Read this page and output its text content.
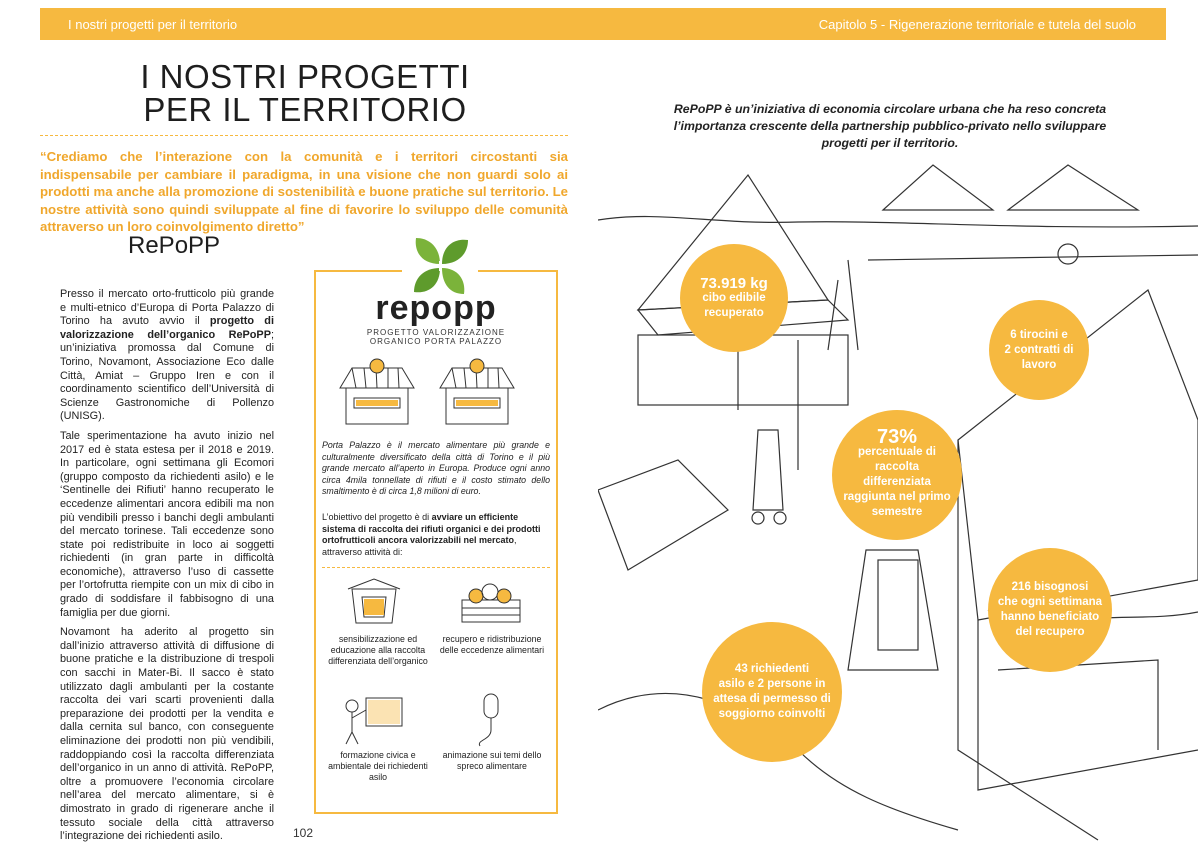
I nostri progetti per il territorio	Capitolo 5 - Rigenerazione territoriale e tutela del suolo
I NOSTRI PROGETTI
PER IL TERRITORIO
“Crediamo che l’interazione con la comunità e i territori circostanti sia indispensabile per cambiare il paradigma, in una visione che non guardi solo ai prodotti ma anche alla promozione di sostenibilità e buone pratiche sul territorio. Le nostre attività sono quindi sviluppate al fine di favorire lo sviluppo delle comunità attraverso un loro coinvolgimento diretto”
RePoPP

Presso il mercato orto-frutticolo più grande e multi-etnico d’Europa di Porta Palazzo di Torino ha avuto avvio il progetto di valorizzazione dell’organico RePoPP; un’iniziativa promossa dal Comune di Torino, Novamont, Associazione Eco dalle Città, Amiat – Gruppo Iren e con il coordinamento scientifico dell’Università di Scienze Gastronomiche di Pollenzo (UNISG).

Tale sperimentazione ha avuto inizio nel 2017 ed è stata estesa per il 2018 e 2019. In particolare, ogni settimana gli Ecomori (gruppo composto da richiedenti asilo) e le ‘Sentinelle dei Rifiuti’ hanno recuperato le eccedenze alimentari ancora edibili ma non più vendibili presso i banchi degli ambulanti del mercato torinese. Tali eccedenze sono state poi redistribuite in loco ai soggetti richiedenti (in gran parte in difficoltà economiche), attraverso l’uso di cassette per l’ortofrutta riempite con un mix di cibo in grado di soddisfare il fabbisogno di una famiglia per due giorni.

Novamont ha aderito al progetto sin dall’inizio attraverso attività di diffusione di buone pratiche e la distribuzione di trespoli con sacchi in Mater-Bi. Il sacco è stato utilizzato dagli ambulanti per la costante raccolta dei vari scarti provenienti dalla preparazione dei prodotti per la vendita e dalla cernita sul banco, con conseguente eliminazione dei prodotti non più vendibili, raddoppiando così la raccolta differenziata dell’organico in un anno di attività. RePoPP, oltre a promuovere l’economia circolare nell’area del mercato alimentare, si è dimostrato in grado di rigenerare anche il tessuto sociale della città attraverso l’integrazione dei richiedenti asilo.	102
repopp
PROGETTO VALORIZZAZIONE
ORGANICO PORTA PALAZZO
Porta Palazzo è il mercato alimentare più grande e culturalmente diversificato della città di Torino e il più grande mercato all’aperto in Europa. Produce ogni anno circa 4mila tonnellate di rifiuti e il costo stimato dello smaltimento è di circa 1,8 milioni di euro.
L’obiettivo del progetto è di avviare un efficiente sistema di raccolta dei rifiuti organici e dei prodotti ortofrutticoli ancora valorizzabili nel mercato, attraverso attività di:
sensibilizzazione ed educazione alla raccolta differenziata dell’organico
recupero e ridistribuzione delle eccedenze alimentari
formazione civica e ambientale dei richiedenti asilo
animazione sui temi dello spreco alimentare
RePoPP è un’iniziativa di economia circolare urbana che ha reso concreta l’importanza crescente della partnership pubblico-privato nello sviluppare progetti per il territorio.
73.919 kg
cibo edibile recuperato
6 tirocini e
2 contratti di lavoro
73%
percentuale di raccolta differenziata raggiunta nel primo semestre
216 bisognosi
che ogni settimana hanno beneficiato del recupero
43 richiedenti
asilo e 2 persone in attesa di permesso di soggiorno coinvolti
